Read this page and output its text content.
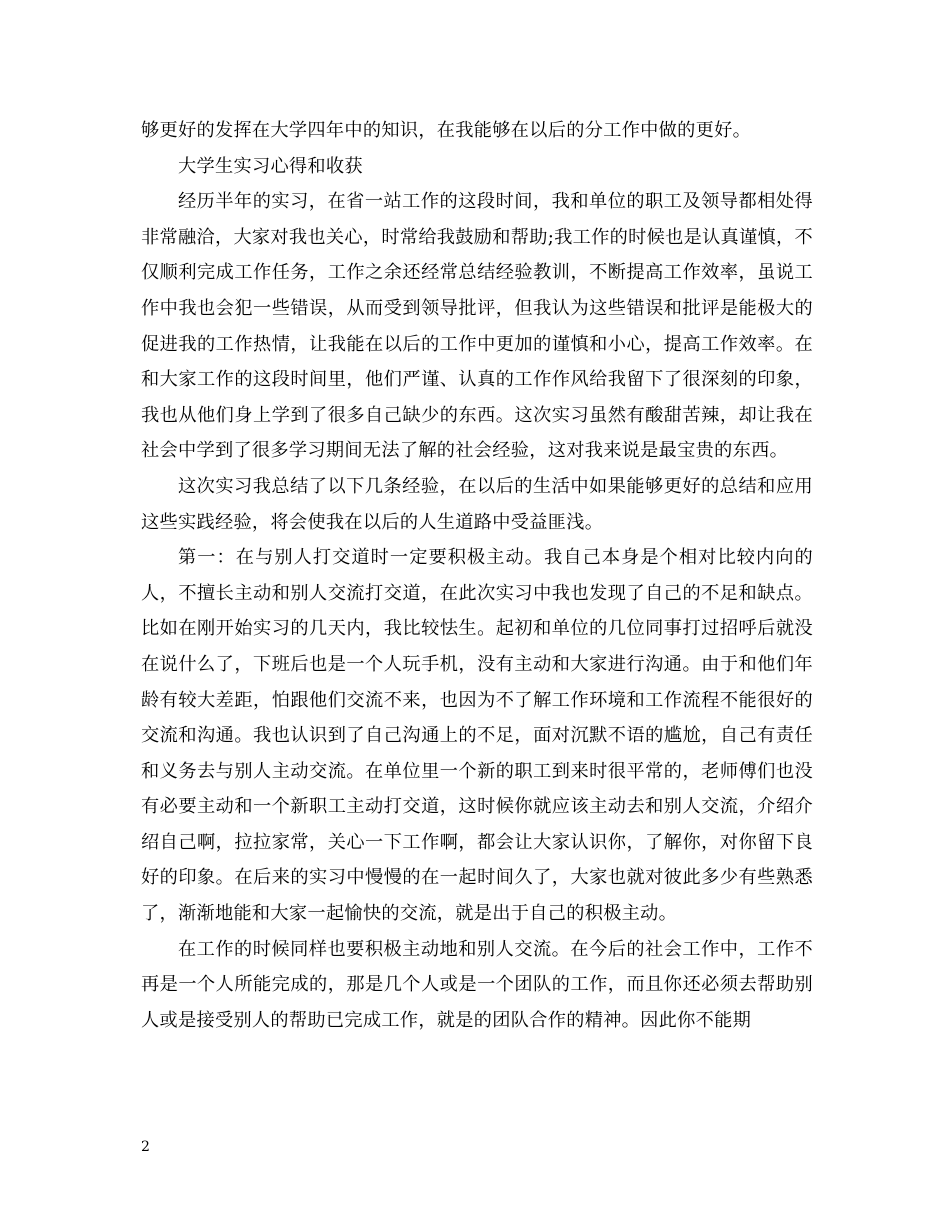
够更好的发挥在大学四年中的知识，在我能够在以后的分工作中做的更好。

大学生实习心得和收获

经历半年的实习，在省一站工作的这段时间，我和单位的职工及领导都相处得非常融洽，大家对我也关心，时常给我鼓励和帮助;我工作的时候也是认真谨慎，不仅顺利完成工作任务，工作之余还经常总结经验教训，不断提高工作效率，虽说工作中我也会犯一些错误，从而受到领导批评，但我认为这些错误和批评是能极大的促进我的工作热情，让我能在以后的工作中更加的谨慎和小心，提高工作效率。在和大家工作的这段时间里，他们严谨、认真的工作作风给我留下了很深刻的印象，我也从他们身上学到了很多自己缺少的东西。这次实习虽然有酸甜苦辣，却让我在社会中学到了很多学习期间无法了解的社会经验，这对我来说是最宝贵的东西。

这次实习我总结了以下几条经验，在以后的生活中如果能够更好的总结和应用这些实践经验，将会使我在以后的人生道路中受益匪浅。

第一：在与别人打交道时一定要积极主动。我自己本身是个相对比较内向的人，不擅长主动和别人交流打交道，在此次实习中我也发现了自己的不足和缺点。比如在刚开始实习的几天内，我比较怯生。起初和单位的几位同事打过招呼后就没在说什么了，下班后也是一个人玩手机，没有主动和大家进行沟通。由于和他们年龄有较大差距，怕跟他们交流不来，也因为不了解工作环境和工作流程不能很好的交流和沟通。我也认识到了自己沟通上的不足，面对沉默不语的尴尬，自己有责任和义务去与别人主动交流。在单位里一个新的职工到来时很平常的，老师傅们也没有必要主动和一个新职工主动打交道，这时候你就应该主动去和别人交流，介绍介绍自己啊，拉拉家常，关心一下工作啊，都会让大家认识你，了解你，对你留下良好的印象。在后来的实习中慢慢的在一起时间久了，大家也就对彼此多少有些熟悉了，渐渐地能和大家一起愉快的交流，就是出于自己的积极主动。

在工作的时候同样也要积极主动地和别人交流。在今后的社会工作中，工作不再是一个人所能完成的，那是几个人或是一个团队的工作，而且你还必须去帮助别人或是接受别人的帮助已完成工作，就是的团队合作的精神。因此你不能期

2
